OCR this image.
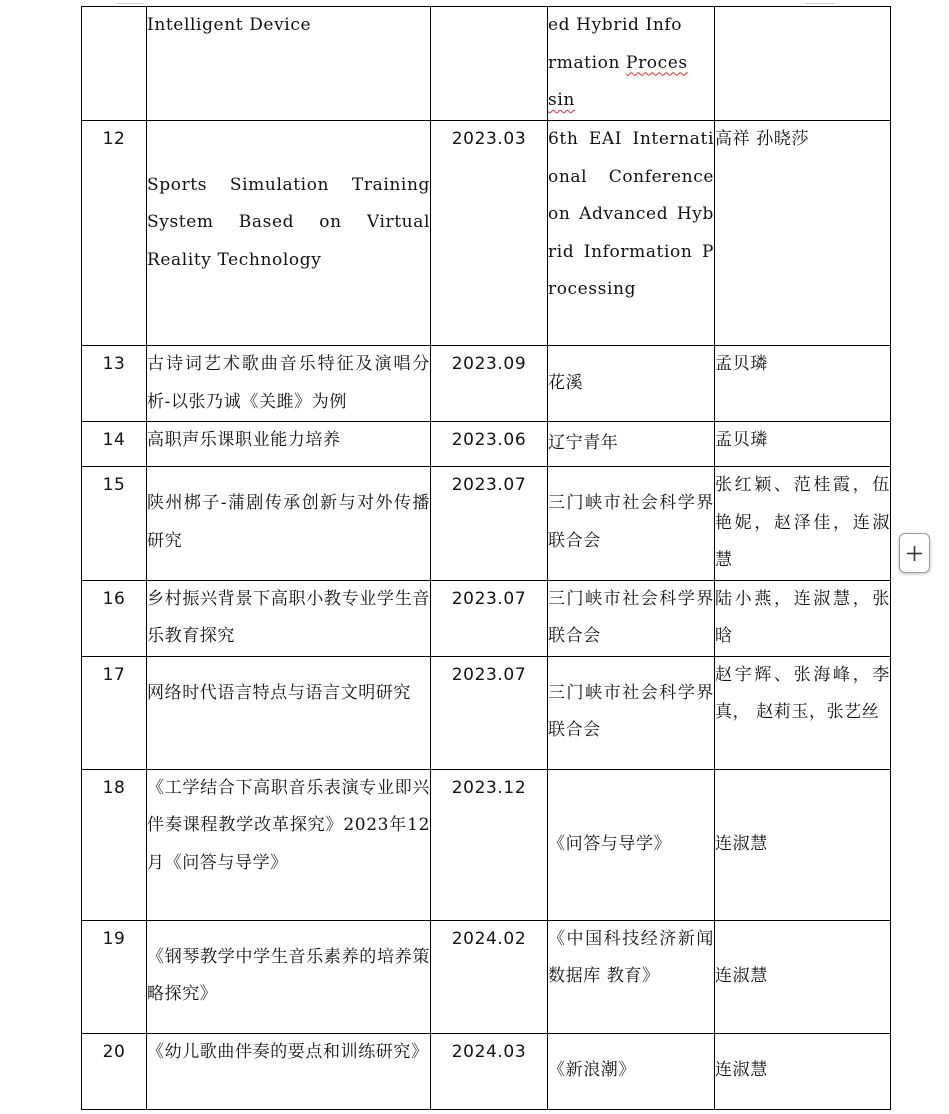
	Intelligent Device		ed Hybrid Info
rmation Proces
sin	
12	Sports Simulation Training System Based on Virtual Reality Technology	2023.03	6th EAI International Conference on Advanced Hybrid Information Processing	高祥 孙晓莎
13	古诗词艺术歌曲音乐特征及演唱分析-以张乃诚《关雎》为例	2023.09	花溪	孟贝璘
14	高职声乐课职业能力培养	2023.06	辽宁青年	孟贝璘
15	陕州梆子-蒲剧传承创新与对外传播研究	2023.07	三门峡市社会科学界联合会	张红颖、范桂霞，伍艳妮，赵泽佳，连淑慧
16	乡村振兴背景下高职小教专业学生音乐教育探究	2023.07	三门峡市社会科学界联合会	陆小燕，连淑慧，张晗
17	网络时代语言特点与语言文明研究	2023.07	三门峡市社会科学界联合会	赵宇辉、张海峰，李真， 赵莉玉，张艺丝
18	《工学结合下高职音乐表演专业即兴伴奏课程教学改革探究》2023年12月《问答与导学》	2023.12	《问答与导学》	连淑慧
19	《钢琴教学中学生音乐素养的培养策略探究》	2024.02	《中国科技经济新闻数据库 教育》	连淑慧
20	《幼儿歌曲伴奏的要点和训练研究》	2024.03	《新浪潮》	连淑慧
